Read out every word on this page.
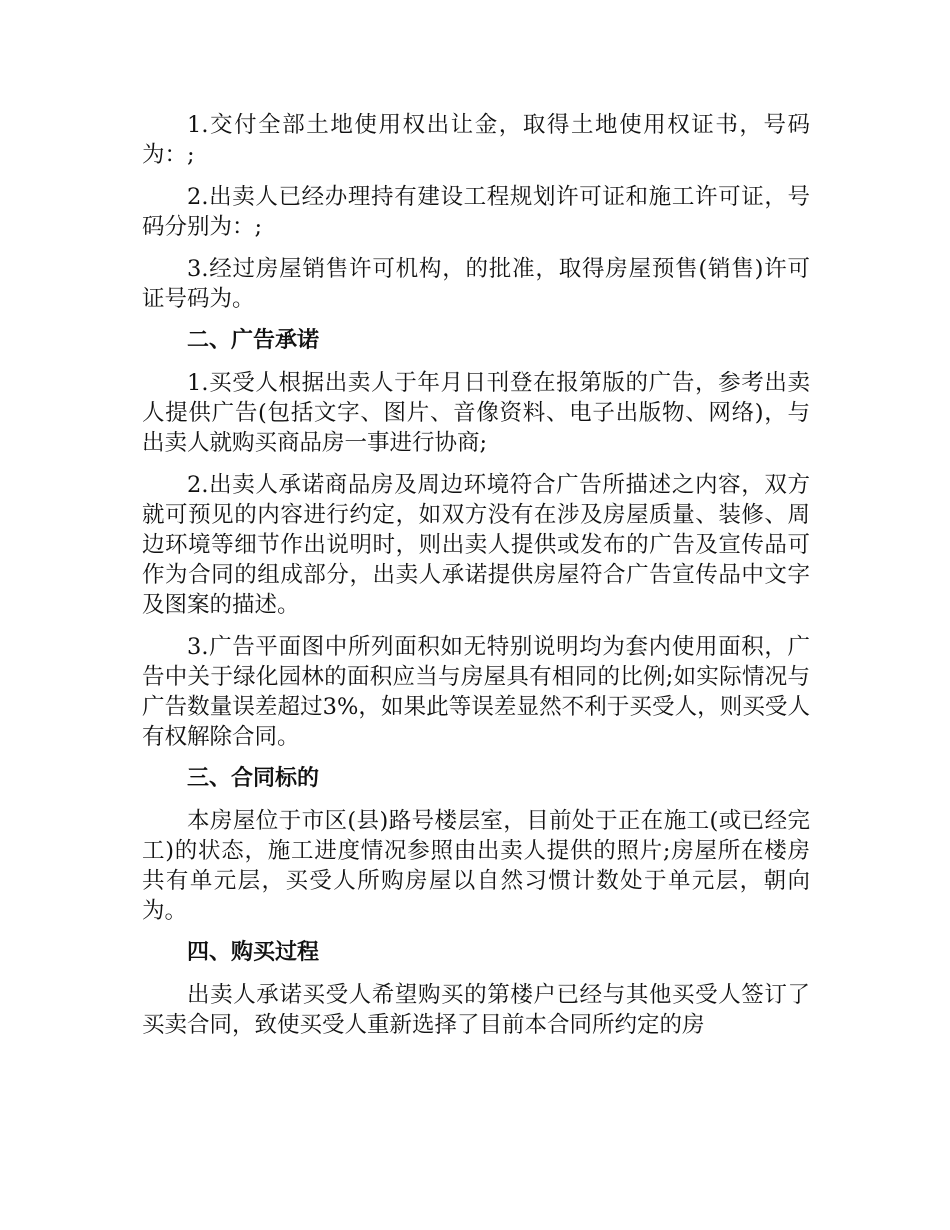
1.交付全部土地使用权出让金，取得土地使用权证书，号码为：;

2.出卖人已经办理持有建设工程规划许可证和施工许可证，号码分别为：;

3.经过房屋销售许可机构，的批准，取得房屋预售(销售)许可证号码为。

二、广告承诺

1.买受人根据出卖人于年月日刊登在报第版的广告，参考出卖人提供广告(包括文字、图片、音像资料、电子出版物、网络)，与出卖人就购买商品房一事进行协商;

2.出卖人承诺商品房及周边环境符合广告所描述之内容，双方就可预见的内容进行约定，如双方没有在涉及房屋质量、装修、周边环境等细节作出说明时，则出卖人提供或发布的广告及宣传品可作为合同的组成部分，出卖人承诺提供房屋符合广告宣传品中文字及图案的描述。

3.广告平面图中所列面积如无特别说明均为套内使用面积，广告中关于绿化园林的面积应当与房屋具有相同的比例;如实际情况与广告数量误差超过3%，如果此等误差显然不利于买受人，则买受人有权解除合同。

三、合同标的

本房屋位于市区(县)路号楼层室，目前处于正在施工(或已经完工)的状态，施工进度情况参照由出卖人提供的照片;房屋所在楼房共有单元层，买受人所购房屋以自然习惯计数处于单元层，朝向为。

四、购买过程

出卖人承诺买受人希望购买的第楼户已经与其他买受人签订了买卖合同，致使买受人重新选择了目前本合同所约定的房
